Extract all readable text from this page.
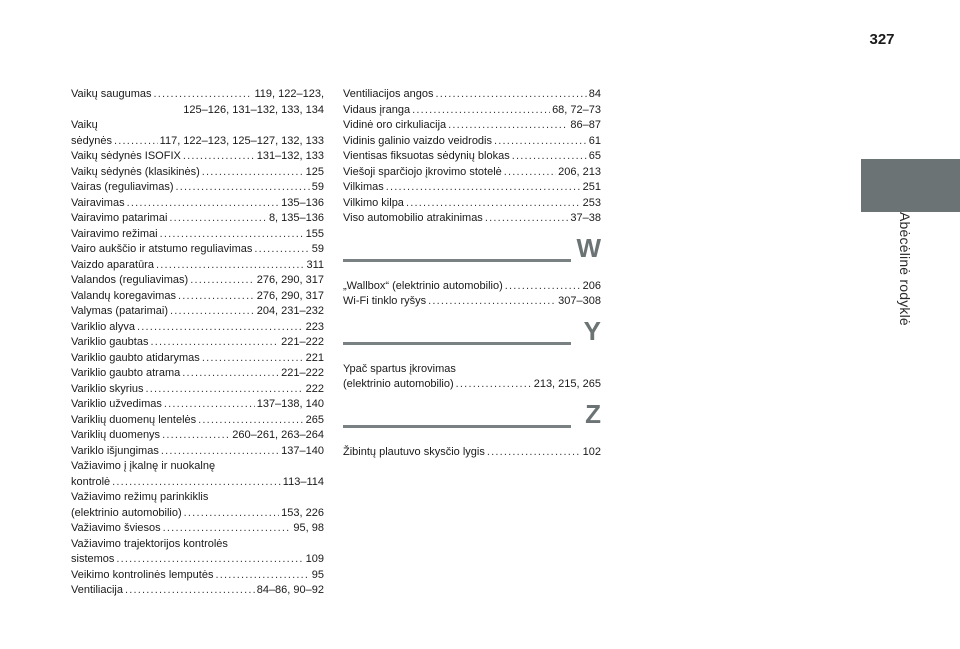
327
Abėcėlinė rodyklė
Vaikų saugumas .....	119, 122–123,
125–126, 131–132, 133, 134
Vaikų
sėdynės .....	117, 122–123, 125–127, 132, 133
Vaikų sėdynės ISOFIX .....	131–132, 133
Vaikų sėdynės (klasikinės) .....	125
Vairas (reguliavimas) .....	59
Vairavimas .....	135–136
Vairavimo patarimai .....	8, 135–136
Vairavimo režimai .....	155
Vairo aukščio ir atstumo reguliavimas .....	59
Vaizdo aparatūra .....	311
Valandos (reguliavimas) .....	276, 290, 317
Valandų koregavimas .....	276, 290, 317
Valymas (patarimai) .....	204, 231–232
Variklio alyva .....	223
Variklio gaubtas .....	221–222
Variklio gaubto atidarymas .....	221
Variklio gaubto atrama .....	221–222
Variklio skyrius .....	222
Variklio užvedimas .....	137–138, 140
Variklių duomenų lentelės .....	265
Variklių duomenys .....	260–261, 263–264
Variklo išjungimas .....	137–140
Važiavimo į įkalnę ir nuokalnę
kontrolė .....	113–114
Važiavimo režimų parinkiklis
(elektrinio automobilio) .....	153, 226
Važiavimo šviesos .....	95, 98
Važiavimo trajektorijos kontrolės
sistemos .....	109
Veikimo kontrolinės lemputės .....	95
Ventiliacija .....	84–86, 90–92
Ventiliacijos angos .....	84
Vidaus įranga .....	68, 72–73
Vidinė oro cirkuliacija .....	86–87
Vidinis galinio vaizdo veidrodis .....	61
Vientisas fiksuotas sėdynių blokas .....	65
Viešoji sparčiojo įkrovimo stotelė .....	206, 213
Vilkimas .....	251
Vilkimo kilpa .....	253
Viso automobilio atrakinimas .....	37–38
W
„Wallbox“ (elektrinio automobilio) .....	206
Wi-Fi tinklo ryšys .....	307–308
Y
Ypač spartus įkrovimas
(elektrinio automobilio) .....	213, 215, 265
Z
Žibintų plautuvo skysčio lygis .....	102
